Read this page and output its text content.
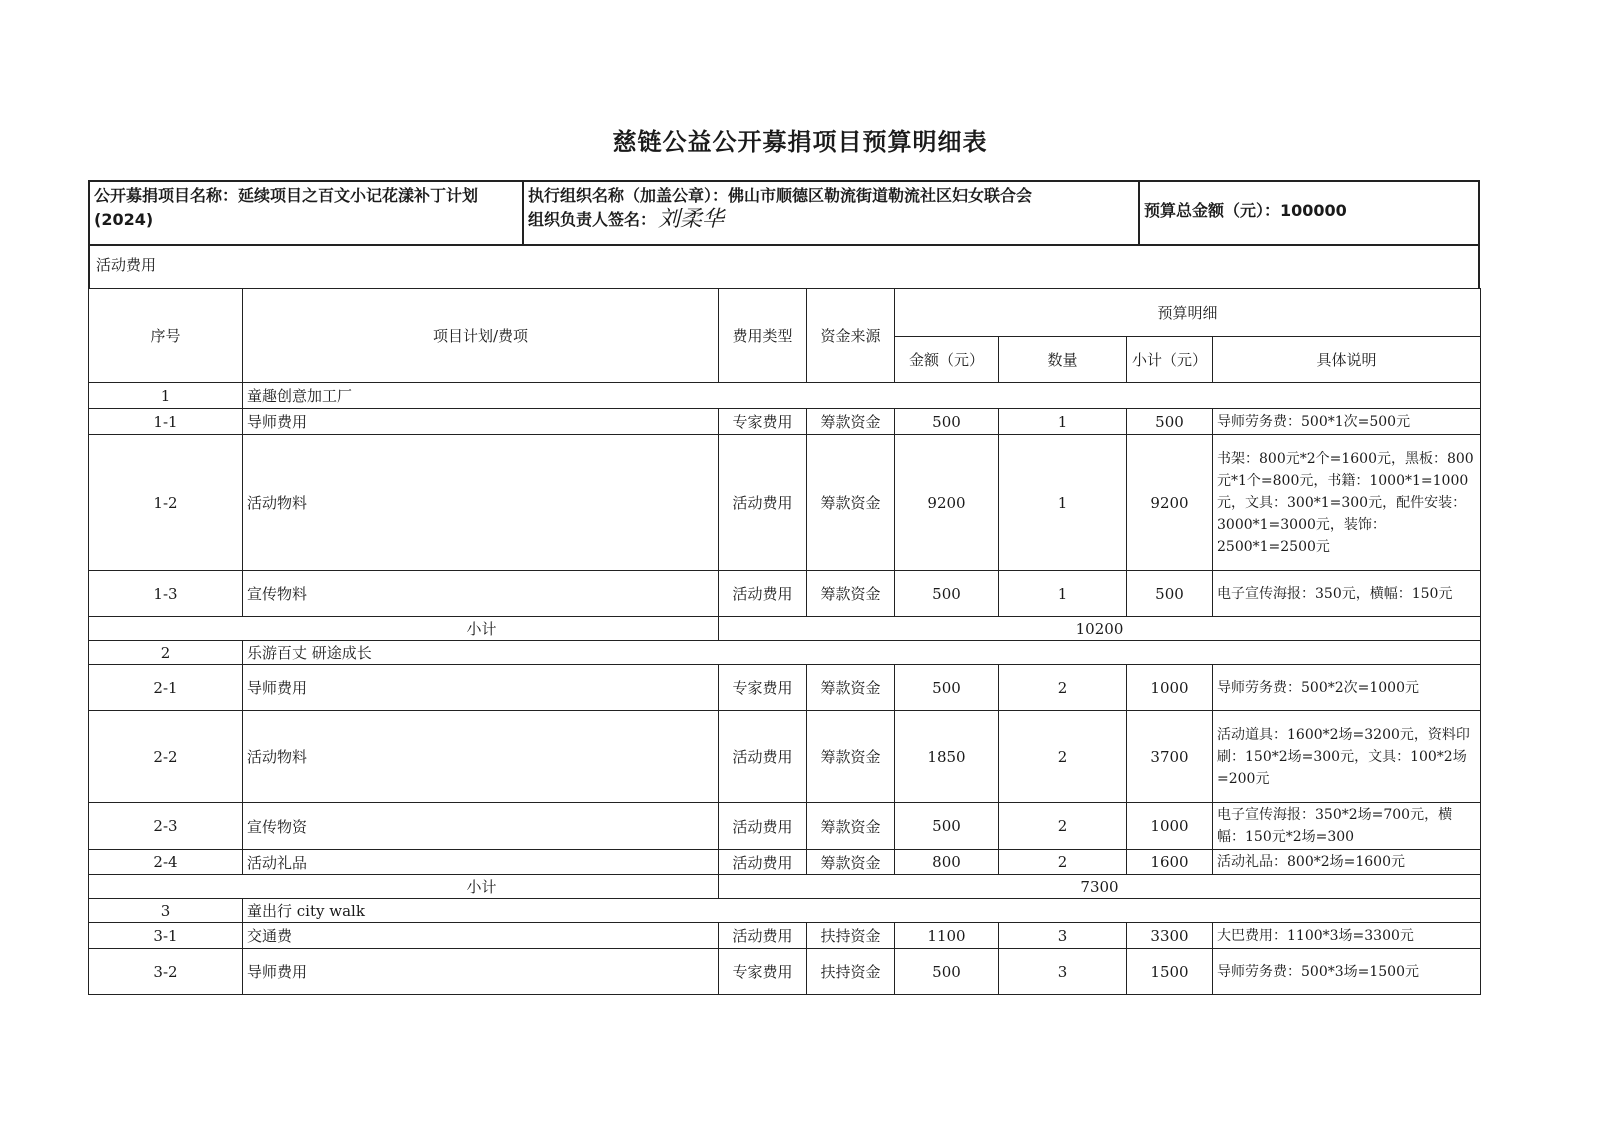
慈链公益公开募捐项目预算明细表
公开募捐项目名称：延续项目之百文小记花漾补丁计划(2024)
执行组织名称（加盖公章）：佛山市顺德区勒流街道勒流社区妇女联合会
组织负责人签名：刘柔华	预算总金额（元）：100000
活动费用
序号	项目计划/费项	费用类型	资金来源	预算明细			
				金额（元）	数量	小计（元）	具体说明
1	童趣创意加工厂						
1-1	导师费用	专家费用	筹款资金	500	1	500	导师劳务费：500*1次=500元
1-2	活动物料	活动费用	筹款资金	9200	1	9200	书架：800元*2个=1600元，黑板：800元*1个=800元，书籍：1000*1=1000元，文具：300*1=300元，配件安装：3000*1=3000元，装饰：2500*1=2500元
1-3	宣传物料	活动费用	筹款资金	500	1	500	电子宣传海报：350元，横幅：150元
小计		10200					
2	乐游百丈 研途成长						
2-1	导师费用	专家费用	筹款资金	500	2	1000	导师劳务费：500*2次=1000元
2-2	活动物料	活动费用	筹款资金	1850	2	3700	活动道具：1600*2场=3200元，资料印刷：150*2场=300元，文具：100*2场=200元
2-3	宣传物资	活动费用	筹款资金	500	2	1000	电子宣传海报：350*2场=700元，横幅：150元*2场=300
2-4	活动礼品	活动费用	筹款资金	800	2	1600	活动礼品：800*2场=1600元
小计		7300					
3	童出行 city walk						
3-1	交通费	活动费用	扶持资金	1100	3	3300	大巴费用：1100*3场=3300元
3-2	导师费用	专家费用	扶持资金	500	3	1500	导师劳务费：500*3场=1500元
